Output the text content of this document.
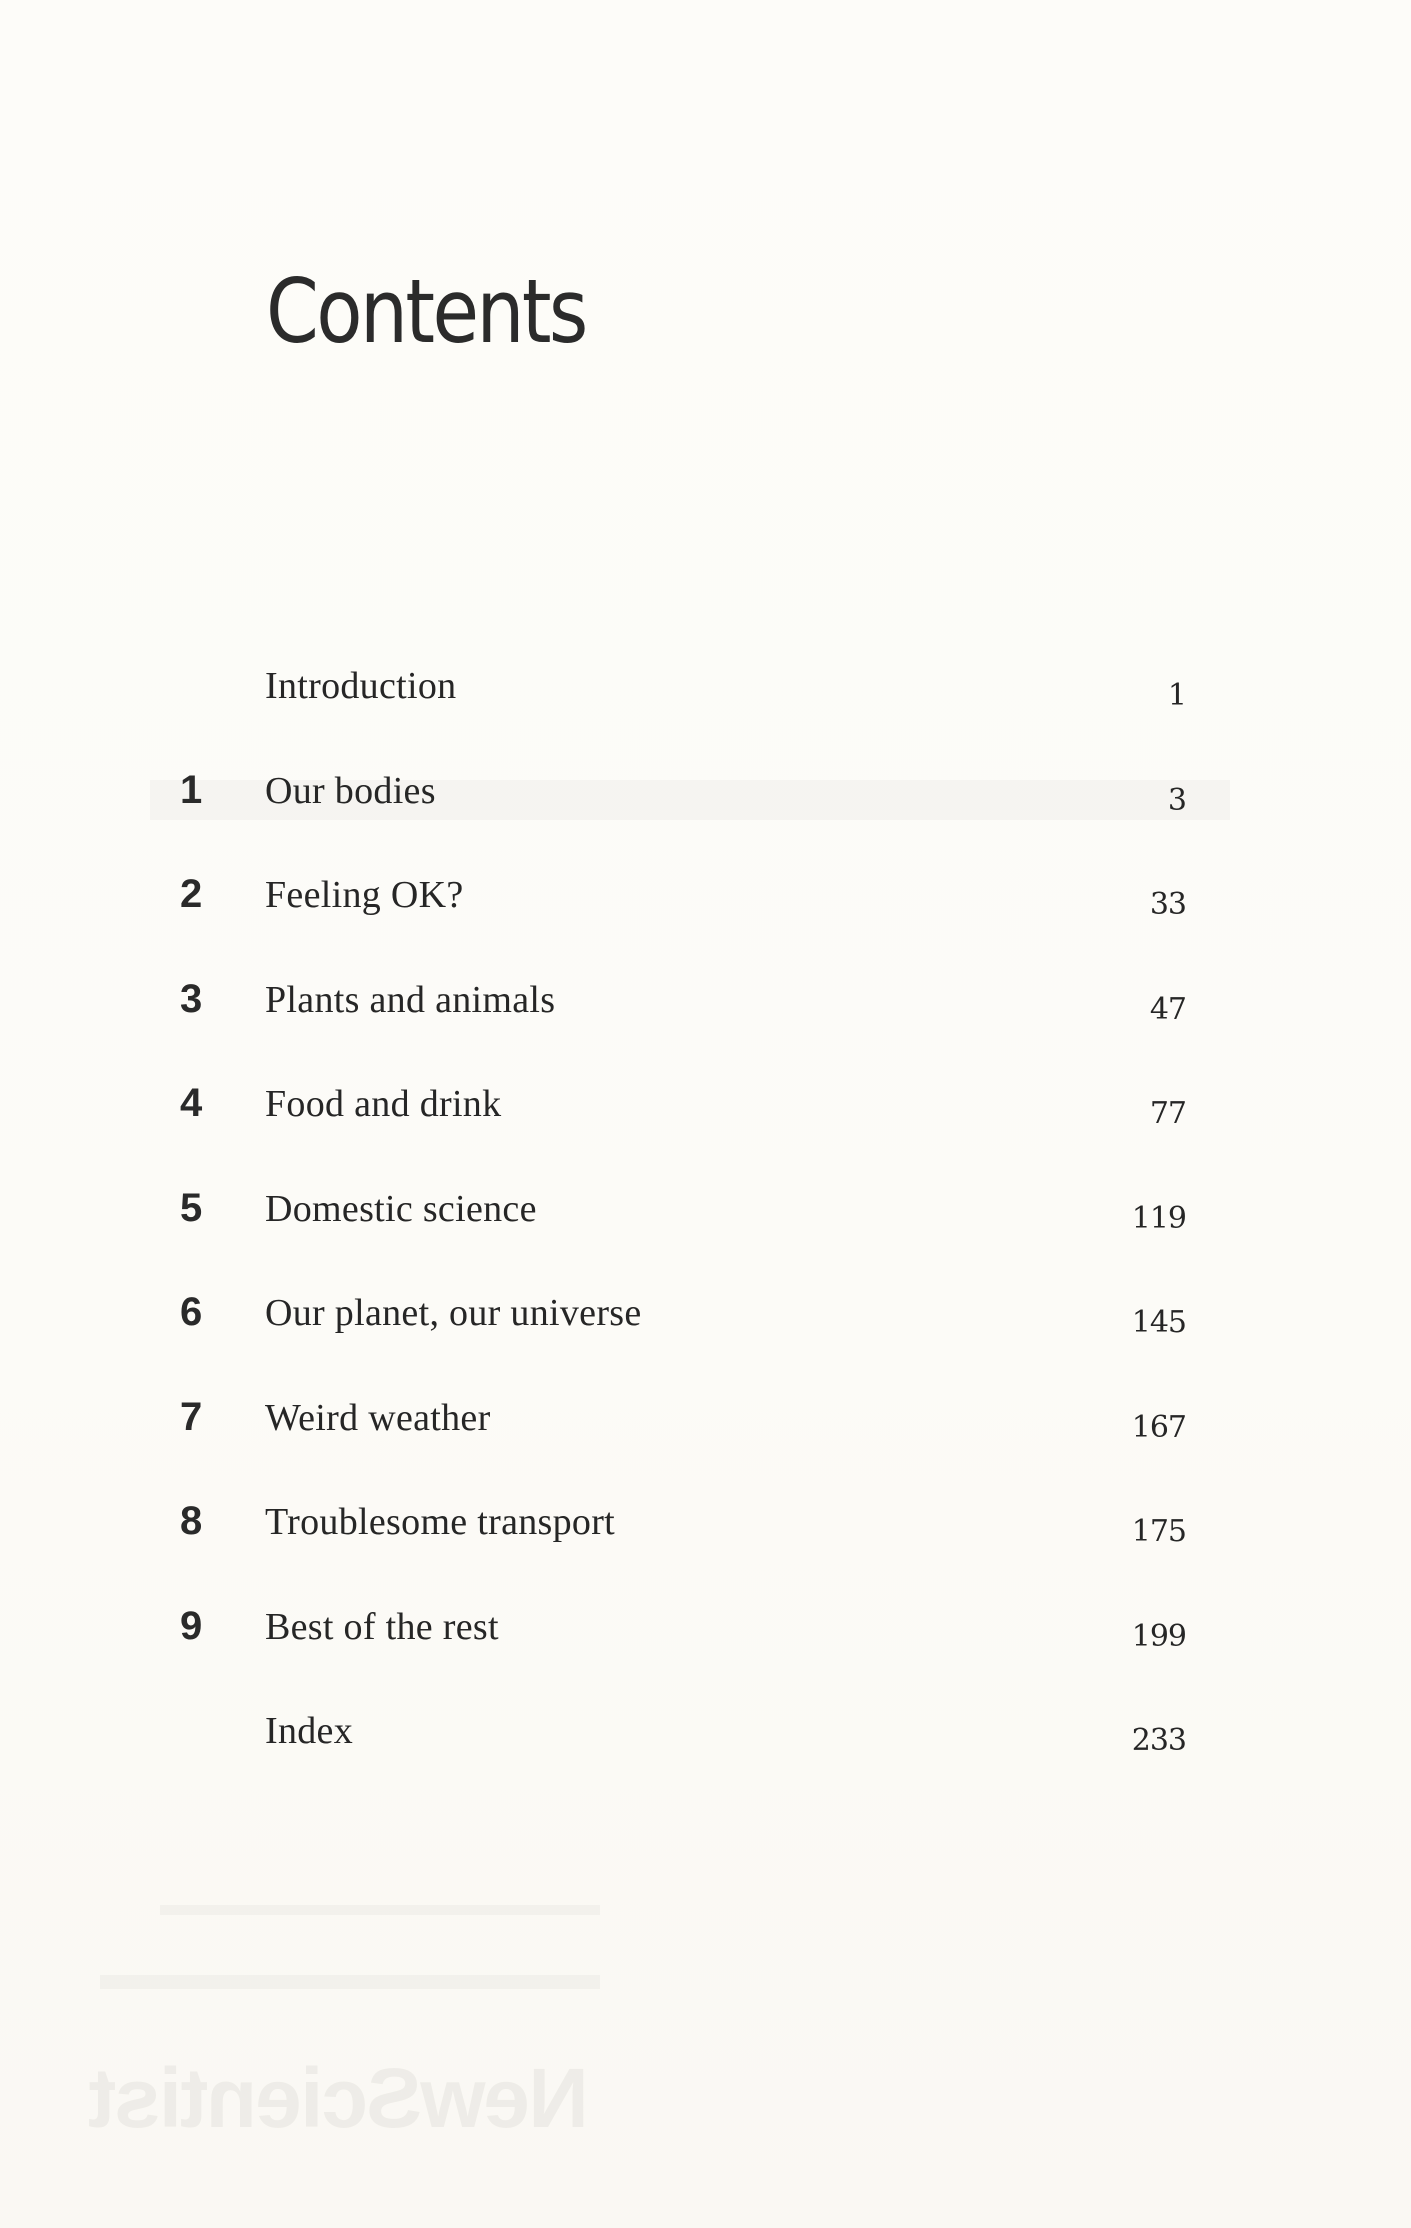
NewScientist
Contents
Introduction	1
1 Our bodies	3
2 Feeling OK?	33
3 Plants and animals	47
4 Food and drink	77
5 Domestic science	119
6 Our planet, our universe	145
7 Weird weather	167
8 Troublesome transport	175
9 Best of the rest	199
Index	233
